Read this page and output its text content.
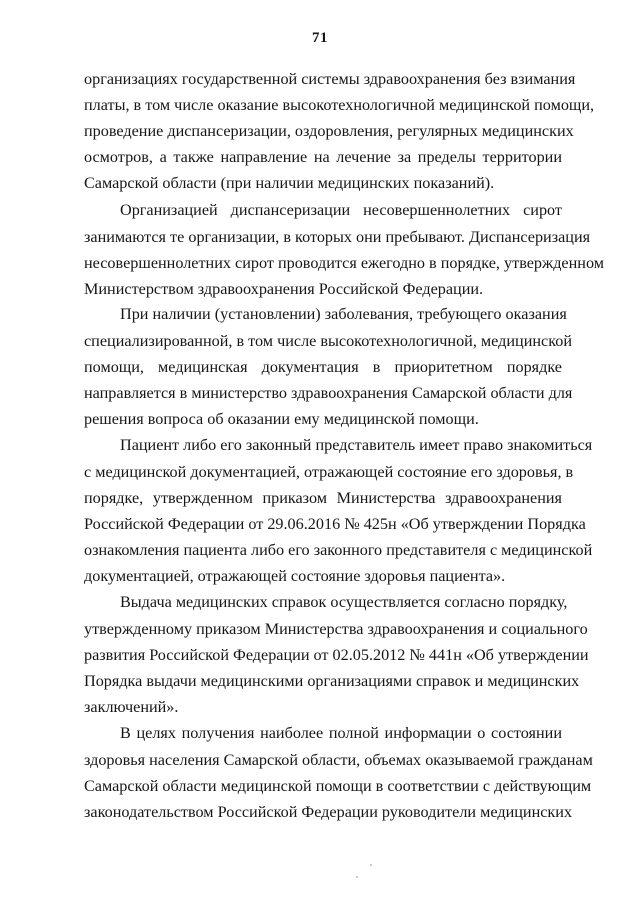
71
организациях государственной системы здравоохранения без взимания
платы, в том числе оказание высокотехнологичной медицинской помощи,
проведение диспансеризации, оздоровления, регулярных медицинских
осмотров, а также направление на лечение за пределы территории
Самарской области (при наличии медицинских показаний).
Организацией диспансеризации несовершеннолетних сирот
занимаются те организации, в которых они пребывают. Диспансеризация
несовершеннолетних сирот проводится ежегодно в порядке, утвержденном
Министерством здравоохранения Российской Федерации.
При наличии (установлении) заболевания, требующего оказания
специализированной, в том числе высокотехнологичной, медицинской
помощи, медицинская документация в приоритетном порядке
направляется в министерство здравоохранения Самарской области для
решения вопроса об оказании ему медицинской помощи.
Пациент либо его законный представитель имеет право знакомиться
с медицинской документацией, отражающей состояние его здоровья, в
порядке, утвержденном приказом Министерства здравоохранения
Российской Федерации от 29.06.2016 № 425н «Об утверждении Порядка
ознакомления пациента либо его законного представителя с медицинской
документацией, отражающей состояние здоровья пациента».
Выдача медицинских справок осуществляется согласно порядку,
утвержденному приказом Министерства здравоохранения и социального
развития Российской Федерации от 02.05.2012 № 441н «Об утверждении
Порядка выдачи медицинскими организациями справок и медицинских
заключений».
В целях получения наиболее полной информации о состоянии
здоровья населения Самарской области, объемах оказываемой гражданам
Самарской области медицинской помощи в соответствии с действующим
законодательством Российской Федерации руководители медицинских
